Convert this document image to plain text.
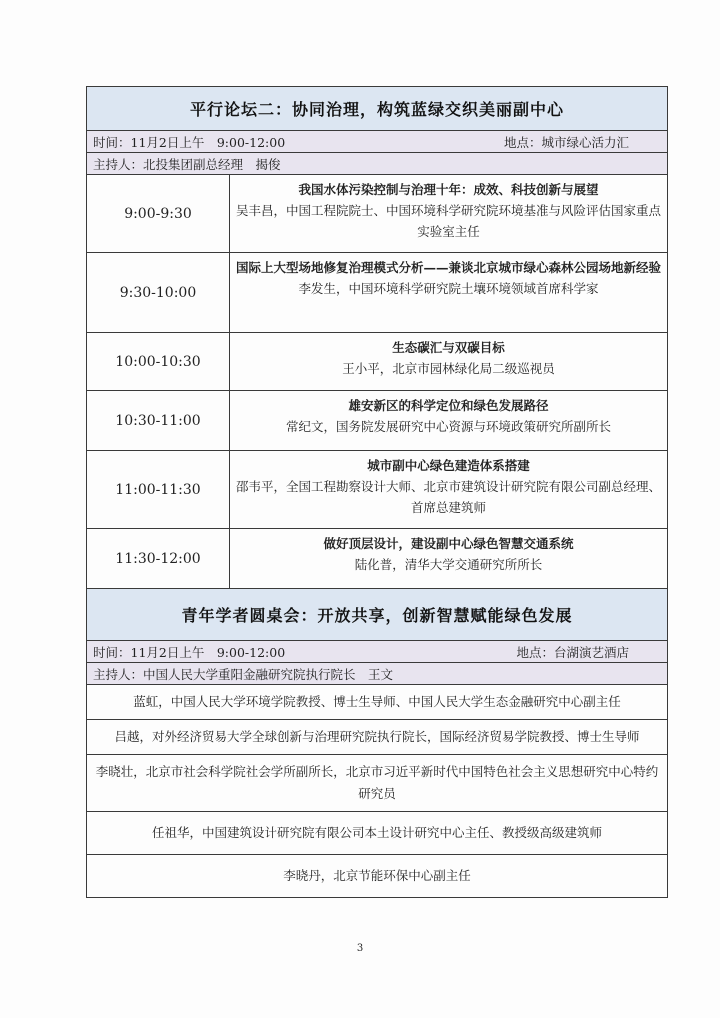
平行论坛二：协同治理，构筑蓝绿交织美丽副中心
时间：11月2日上午　9:00-12:00	地点：城市绿心活力汇
主持人：北投集团副总经理　揭俊
9:00-9:30
我国水体污染控制与治理十年：成效、科技创新与展望
吴丰昌，中国工程院院士、中国环境科学研究院环境基准与风险评估国家重点实验室主任
9:30-10:00
国际上大型场地修复治理模式分析——兼谈北京城市绿心森林公园场地新经验
李发生，中国环境科学研究院土壤环境领域首席科学家
10:00-10:30
生态碳汇与双碳目标
王小平，北京市园林绿化局二级巡视员
10:30-11:00
雄安新区的科学定位和绿色发展路径
常纪文，国务院发展研究中心资源与环境政策研究所副所长
11:00-11:30
城市副中心绿色建造体系搭建
邵韦平，全国工程勘察设计大师、北京市建筑设计研究院有限公司副总经理、首席总建筑师
11:30-12:00
做好顶层设计，建设副中心绿色智慧交通系统
陆化普，清华大学交通研究所所长
青年学者圆桌会：开放共享，创新智慧赋能绿色发展
时间：11月2日上午　9:00-12:00	地点：台湖演艺酒店
主持人：中国人民大学重阳金融研究院执行院长　王文
蓝虹，中国人民大学环境学院教授、博士生导师、中国人民大学生态金融研究中心副主任
吕越，对外经济贸易大学全球创新与治理研究院执行院长，国际经济贸易学院教授、博士生导师
李晓壮，北京市社会科学院社会学所副所长，北京市习近平新时代中国特色社会主义思想研究中心特约研究员
任祖华，中国建筑设计研究院有限公司本土设计研究中心主任、教授级高级建筑师
李晓丹，北京节能环保中心副主任
3
